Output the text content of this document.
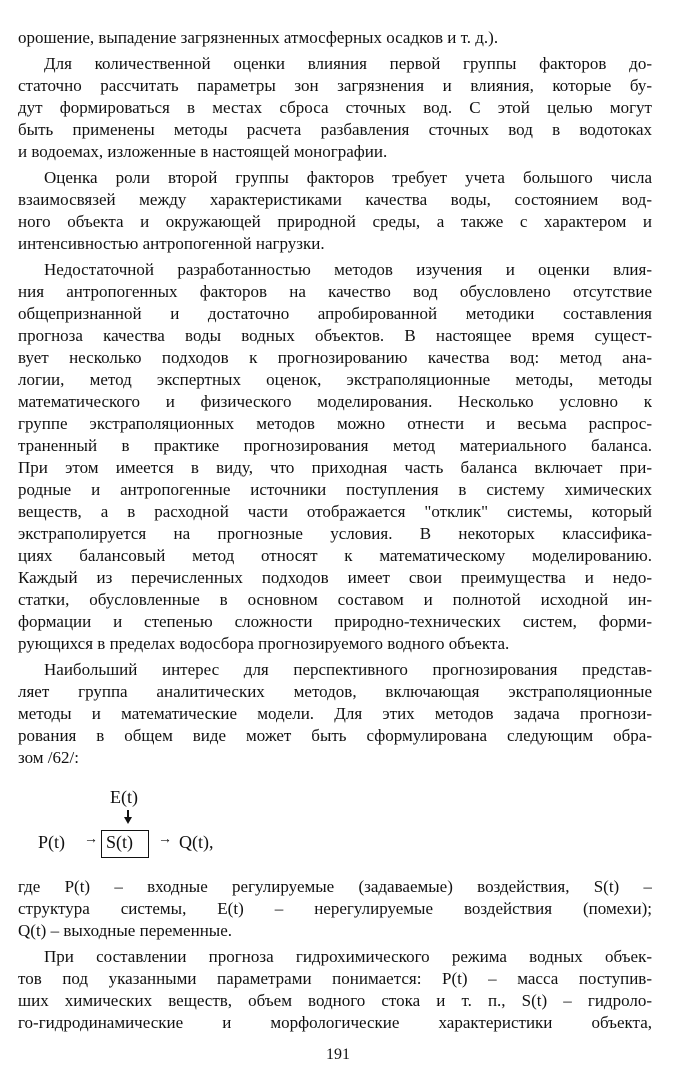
орошение, выпадение загрязненных атмосферных осадков и т. д.).
Для количественной оценки влияния первой группы факторов до-
статочно рассчитать параметры зон загрязнения и влияния, которые бу-
дут формироваться в местах сброса сточных вод. С этой целью могут
быть применены методы расчета разбавления сточных вод в водотоках
и водоемах, изложенные в настоящей монографии.
Оценка роли второй группы факторов требует учета большого числа
взаимосвязей между характеристиками качества воды, состоянием вод-
ного объекта и окружающей природной среды, а также с характером и
интенсивностью антропогенной нагрузки.
Недостаточной разработанностью методов изучения и оценки влия-
ния антропогенных факторов на качество вод обусловлено отсутствие
общепризнанной и достаточно апробированной методики составления
прогноза качества воды водных объектов. В настоящее время сущест-
вует несколько подходов к прогнозированию качества вод: метод ана-
логии, метод экспертных оценок, экстраполяционные методы, методы
математического и физического моделирования. Несколько условно к
группе экстраполяционных методов можно отнести и весьма распрос-
траненный в практике прогнозирования метод материального баланса.
При этом имеется в виду, что приходная часть баланса включает при-
родные и антропогенные источники поступления в систему химических
веществ, а в расходной части отображается "отклик" системы, который
экстраполируется на прогнозные условия. В некоторых классифика-
циях балансовый метод относят к математическому моделированию.
Каждый из перечисленных подходов имеет свои преимущества и недо-
статки, обусловленные в основном составом и полнотой исходной ин-
формации и степенью сложности природно-технических систем, форми-
рующихся в пределах водосбора прогнозируемого водного объекта.
Наибольший интерес для перспективного прогнозирования представ-
ляет группа аналитических методов, включающая экстраполяционные
методы и математические модели. Для этих методов задача прогнози-
рования в общем виде может быть сформулирована следующим обра-
зом /62/:
E(t)
P(t) → S(t) → Q(t),
где P(t) – входные регулируемые (задаваемые) воздействия, S(t) –
структура системы, E(t) – нерегулируемые воздействия (помехи);
Q(t) – выходные переменные.
При составлении прогноза гидрохимического режима водных объек-
тов под указанными параметрами понимается: P(t) – масса поступив-
ших химических веществ, объем водного стока и т. п., S(t) – гидроло-
го-гидродинамические и морфологические характеристики объекта,
191
